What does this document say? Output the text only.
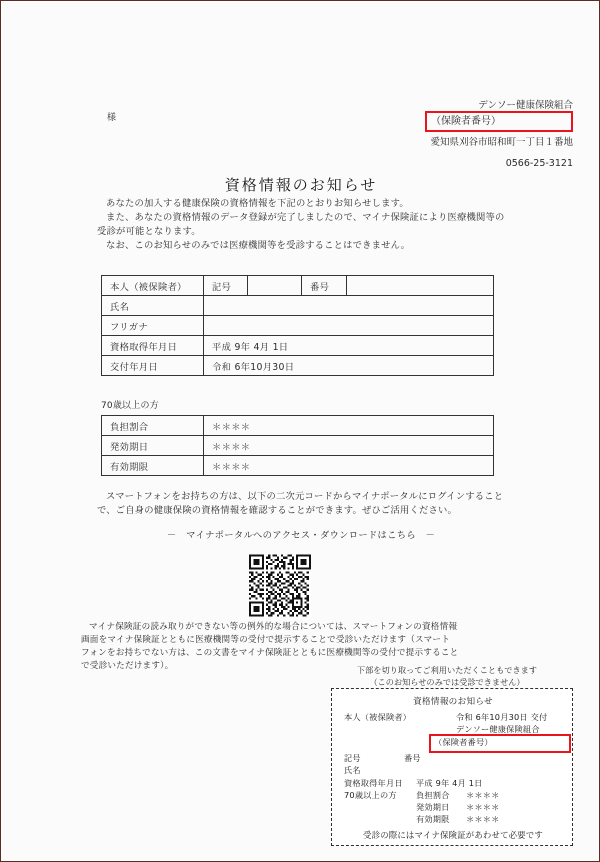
様
デンソー健康保険組合
（保険者番号）
愛知県刈谷市昭和町一丁目１番地
0566-25-3121
資格情報のお知らせ

あなたの加入する健康保険の資格情報を下記のとおりお知らせします。

また、あなたの資格情報のデータ登録が完了しましたので、マイナ保険証により医療機関等の

受診が可能となります。

なお、このお知らせのみでは医療機関等を受診することはできません。

本人（被保険者）	記号		番号	
氏名				
フリガナ				
資格取得年月日	平成 9年 4月 1日			
交付年月日	令和 6年10月30日			
70歳以上の方
負担割合	＊＊＊＊
発効期日	＊＊＊＊
有効期限	＊＊＊＊

スマートフォンをお持ちの方は、以下の二次元コードからマイナポータルにログインすること

で、ご自身の健康保険の資格情報を確認することができます。ぜひご活用ください。

－　マイナポータルへのアクセス・ダウンロードはこちら　－

マイナ保険証の読み取りができない等の例外的な場合については、スマートフォンの資格情報

画面をマイナ保険証とともに医療機関等の受付で提示することで受診いただけます（スマート

フォンをお持ちでない方は、この文書をマイナ保険証とともに医療機関等の受付で提示すること

で受診いただけます）。	下部を切り取ってご利用いただくこともできます
（このお知らせのみでは受診できません）
資格情報のお知らせ
本人（被保険者）	令和 6年10月30日 交付
デンソー健康保険組合
（保険者番号）
記号	番号
氏名
資格取得年月日 平成 9年 4月 1日
70歳以上の方 負担割合 ＊＊＊＊
発効期日 ＊＊＊＊
有効期限 ＊＊＊＊
受診の際にはマイナ保険証があわせて必要です
